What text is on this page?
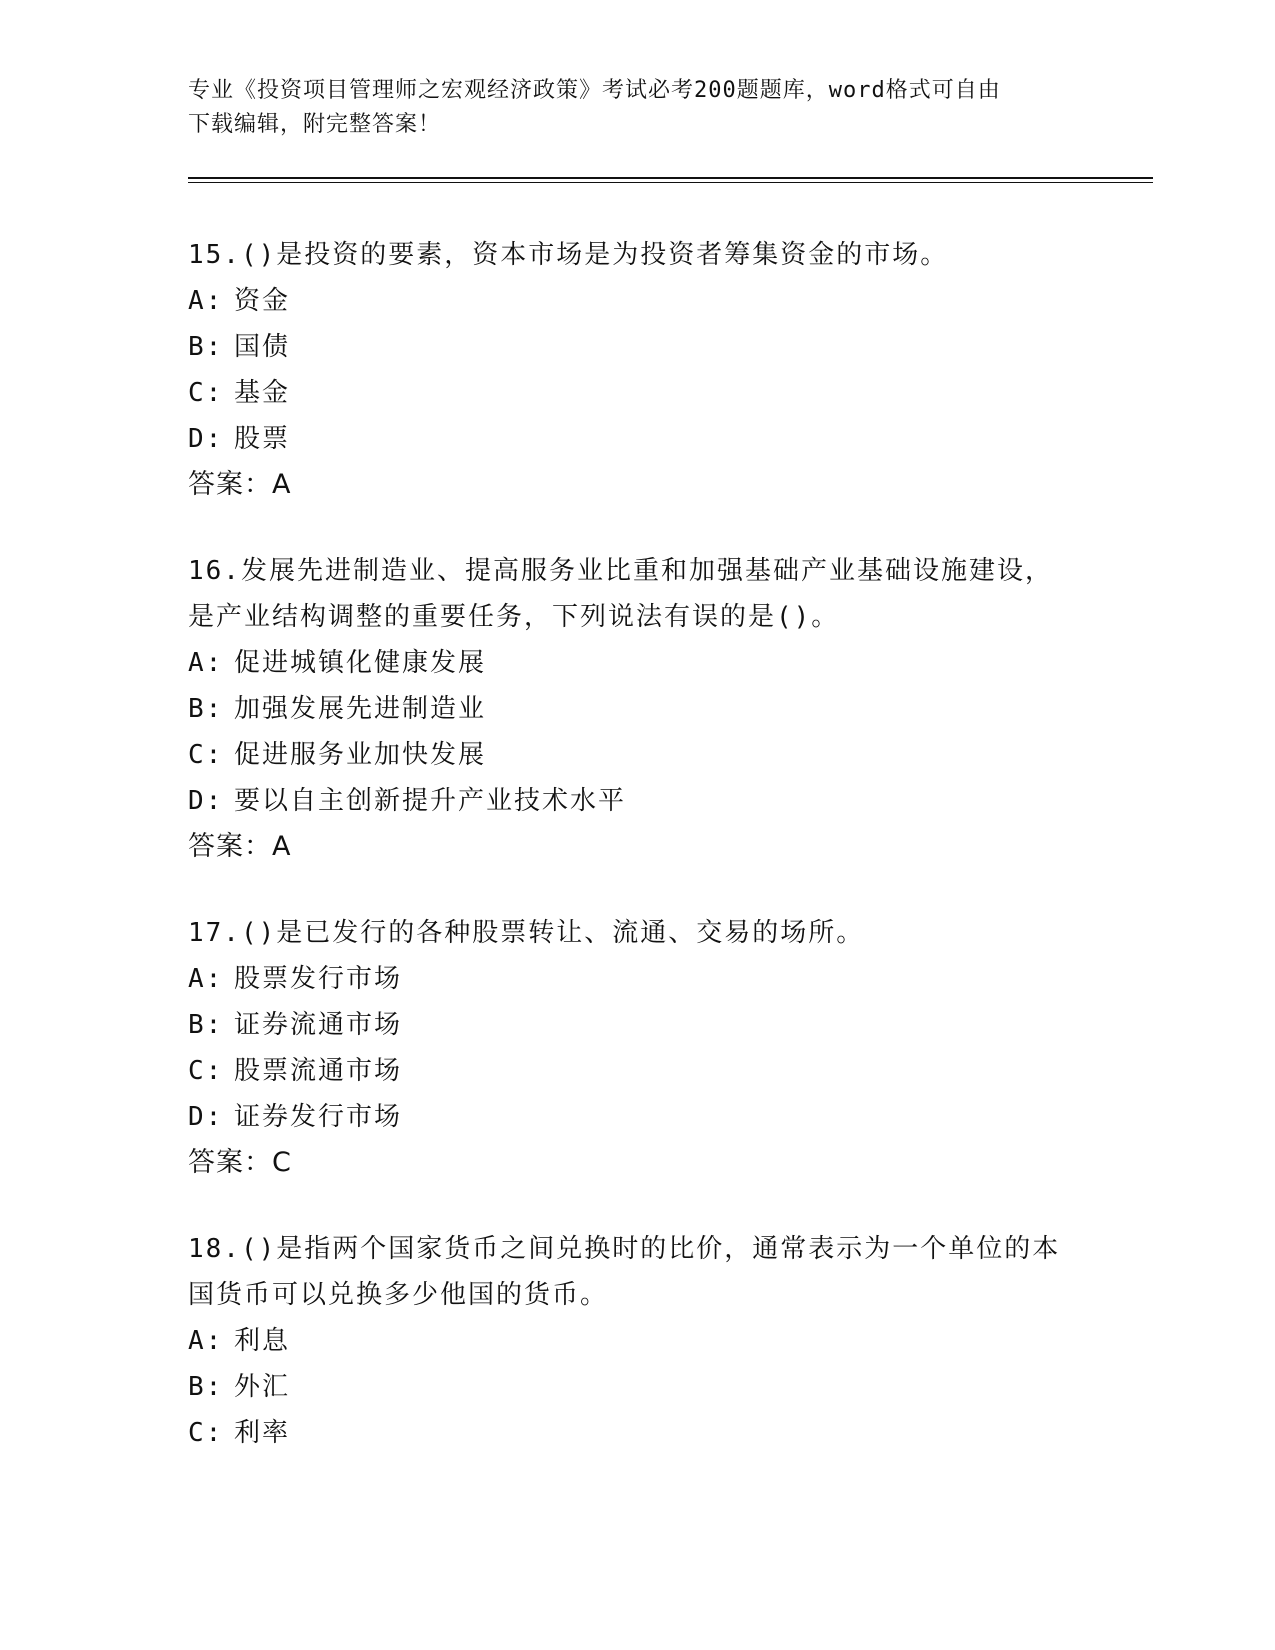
专业《投资项目管理师之宏观经济政策》考试必考200题题库，word格式可自由
下载编辑，附完整答案！
15.()是投资的要素，资本市场是为投资者筹集资金的市场。
A: 资金
B: 国债
C: 基金
D: 股票
答案：A
16.发展先进制造业、提高服务业比重和加强基础产业基础设施建设，
是产业结构调整的重要任务，下列说法有误的是()。
A: 促进城镇化健康发展
B: 加强发展先进制造业
C: 促进服务业加快发展
D: 要以自主创新提升产业技术水平
答案：A
17.()是已发行的各种股票转让、流通、交易的场所。
A: 股票发行市场
B: 证券流通市场
C: 股票流通市场
D: 证券发行市场
答案：C
18.()是指两个国家货币之间兑换时的比价，通常表示为一个单位的本
国货币可以兑换多少他国的货币。
A: 利息
B: 外汇
C: 利率
